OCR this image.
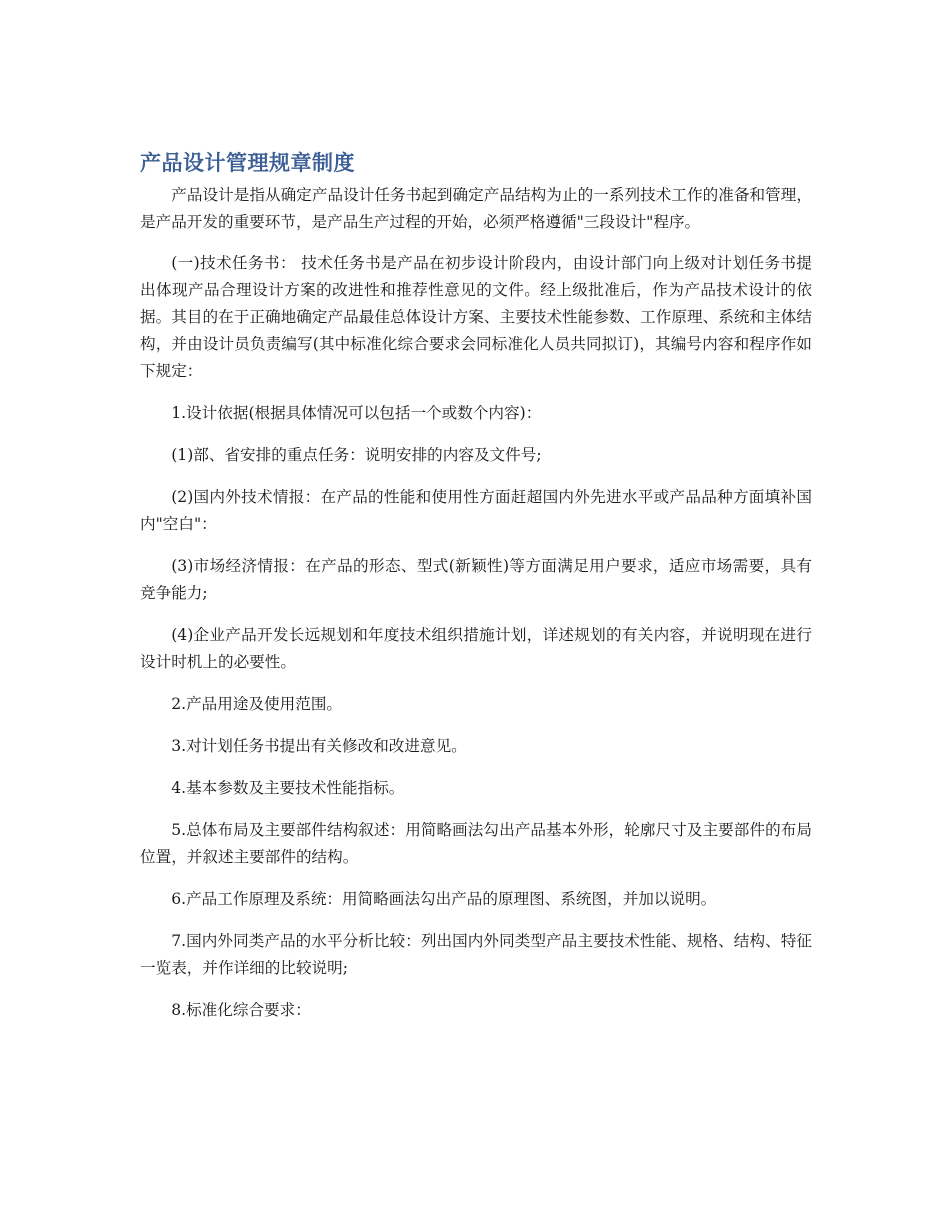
产品设计管理规章制度

产品设计是指从确定产品设计任务书起到确定产品结构为止的一系列技术工作的准备和管理，是产品开发的重要环节，是产品生产过程的开始，必须严格遵循"三段设计"程序。

(一)技术任务书： 技术任务书是产品在初步设计阶段内，由设计部门向上级对计划任务书提出体现产品合理设计方案的改进性和推荐性意见的文件。经上级批准后，作为产品技术设计的依据。其目的在于正确地确定产品最佳总体设计方案、主要技术性能参数、工作原理、系统和主体结构，并由设计员负责编写(其中标准化综合要求会同标准化人员共同拟订)，其编号内容和程序作如下规定：

1.设计依据(根据具体情况可以包括一个或数个内容)：

(1)部、省安排的重点任务：说明安排的内容及文件号;

(2)国内外技术情报：在产品的性能和使用性方面赶超国内外先进水平或产品品种方面填补国内"空白"：

(3)市场经济情报：在产品的形态、型式(新颖性)等方面满足用户要求，适应市场需要，具有竞争能力;

(4)企业产品开发长远规划和年度技术组织措施计划，详述规划的有关内容，并说明现在进行设计时机上的必要性。

2.产品用途及使用范围。

3.对计划任务书提出有关修改和改进意见。

4.基本参数及主要技术性能指标。

5.总体布局及主要部件结构叙述：用简略画法勾出产品基本外形，轮廓尺寸及主要部件的布局位置，并叙述主要部件的结构。

6.产品工作原理及系统：用简略画法勾出产品的原理图、系统图，并加以说明。

7.国内外同类产品的水平分析比较：列出国内外同类型产品主要技术性能、规格、结构、特征一览表，并作详细的比较说明;

8.标准化综合要求：
